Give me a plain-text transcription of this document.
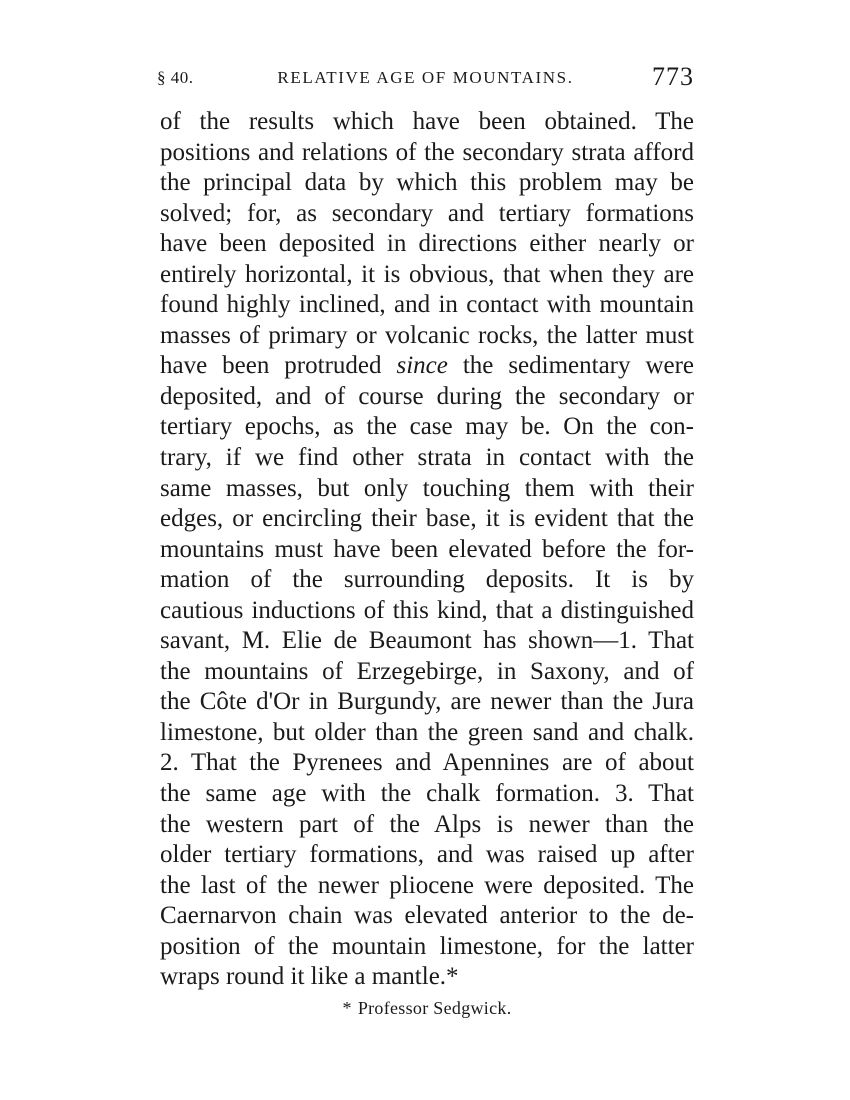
§ 40.	RELATIVE AGE OF MOUNTAINS.	773
of the results which have been obtained. The
positions and relations of the secondary strata afford
the principal data by which this problem may be
solved; for, as secondary and tertiary formations
have been deposited in directions either nearly or
entirely horizontal, it is obvious, that when they are
found highly inclined, and in contact with mountain
masses of primary or volcanic rocks, the latter must
have been protruded since the sedimentary were
deposited, and of course during the secondary or
tertiary epochs, as the case may be. On the con-
trary, if we find other strata in contact with the
same masses, but only touching them with their
edges, or encircling their base, it is evident that the
mountains must have been elevated before the for-
mation of the surrounding deposits. It is by
cautious inductions of this kind, that a distinguished
savant, M. Elie de Beaumont has shown—1. That
the mountains of Erzegebirge, in Saxony, and of
the Côte d'Or in Burgundy, are newer than the Jura
limestone, but older than the green sand and chalk.
2. That the Pyrenees and Apennines are of about
the same age with the chalk formation. 3. That
the western part of the Alps is newer than the
older tertiary formations, and was raised up after
the last of the newer pliocene were deposited. The
Caernarvon chain was elevated anterior to the de-
position of the mountain limestone, for the latter
wraps round it like a mantle.*
* Professor Sedgwick.
